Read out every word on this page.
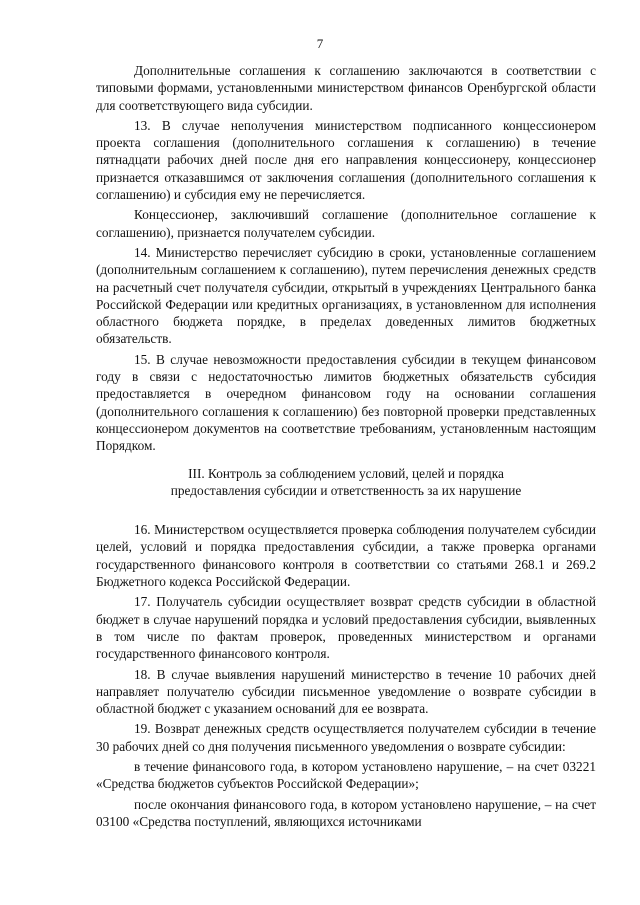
7

Дополнительные соглашения к соглашению заключаются в соответствии с типовыми формами, установленными министерством финансов Оренбургской области для соответствующего вида субсидии.

13. В случае неполучения министерством подписанного концессионером проекта соглашения (дополнительного соглашения к соглашению) в течение пятнадцати рабочих дней после дня его направления концессионеру, концессионер признается отказавшимся от заключения соглашения (дополнительного соглашения к соглашению) и субсидия ему не перечисляется.

Концессионер, заключивший соглашение (дополнительное соглашение к соглашению), признается получателем субсидии.

14. Министерство перечисляет субсидию в сроки, установленные соглашением (дополнительным соглашением к соглашению), путем перечисления денежных средств на расчетный счет получателя субсидии, открытый в учреждениях Центрального банка Российской Федерации или кредитных организациях, в установленном для исполнения областного бюджета порядке, в пределах доведенных лимитов бюджетных обязательств.

15. В случае невозможности предоставления субсидии в текущем финансовом году в связи с недостаточностью лимитов бюджетных обязательств субсидия предоставляется в очередном финансовом году на основании соглашения (дополнительного соглашения к соглашению) без повторной проверки представленных концессионером документов на соответствие требованиям, установленным настоящим Порядком.

III. Контроль за соблюдением условий, целей и порядка
предоставления субсидии и ответственность за их нарушение

16. Министерством осуществляется проверка соблюдения получателем субсидии целей, условий и порядка предоставления субсидии, а также проверка органами государственного финансового контроля в соответствии со статьями 268.1 и 269.2 Бюджетного кодекса Российской Федерации.

17. Получатель субсидии осуществляет возврат средств субсидии в областной бюджет в случае нарушений порядка и условий предоставления субсидии, выявленных в том числе по фактам проверок, проведенных министерством и органами государственного финансового контроля.

18. В случае выявления нарушений министерство в течение 10 рабочих дней направляет получателю субсидии письменное уведомление о возврате субсидии в областной бюджет с указанием оснований для ее возврата.

19. Возврат денежных средств осуществляется получателем субсидии в течение 30 рабочих дней со дня получения письменного уведомления о возврате субсидии:

в течение финансового года, в котором установлено нарушение, – на счет 03221 «Средства бюджетов субъектов Российской Федерации»;

после окончания финансового года, в котором установлено нарушение, – на счет 03100 «Средства поступлений, являющихся источниками
